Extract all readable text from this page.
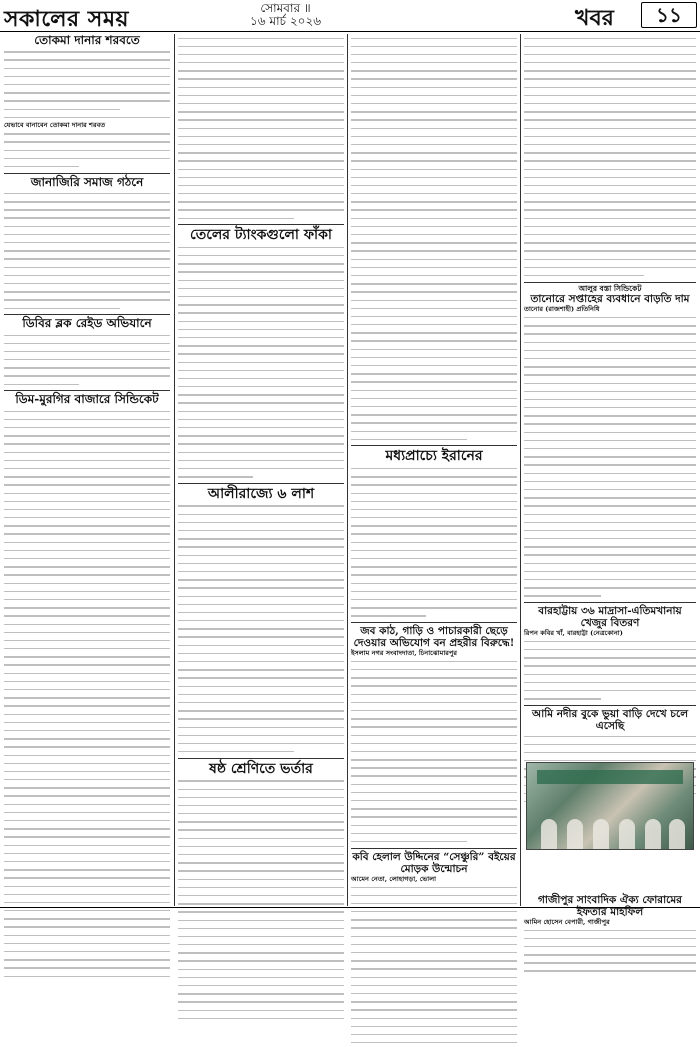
সকালের সময়	সোমবার ॥
১৬ মার্চ ২০২৬	খবর	১১
তোকমা দানার শরবতে
যেভাবে বানাবেন তোকমা দানার শরবত
জানাজিরি সমাজ গঠনে
ডিবির ব্লক রেইড অভিযানে
ডিম-মুরগির বাজারে সিন্ডিকেট
তেলের ট্যাংকগুলো ফাঁকা
আলীরাজ্যে ৬ লাশ
ষষ্ঠ শ্রেণিতে ভর্তার
মধ্যপ্রাচ্যে ইরানের
জব কাঠ, গাড়ি ও পাচারকারী ছেড়ে দেওয়ার অভিযোগ বন প্রহরীর বিরুদ্ধে!
ইসলাম নগর সংবাদদাতা, চিনাঝোমারপুর
কবি হেলাল উদ্দিনের “সেঞ্চুরি” বইয়ের মোড়ক উন্মোচন
আমেন নেতা, লোহাগড়া, ভোলা
আলুর বস্তা সিন্ডিকেট
তানোরে সপ্তাহের ব্যবধানে বাড়তি দাম
তানোর (রাজশাহী) প্রতিনিধি
বারহাট্টায় ৩৬ মাদ্রাসা-এতিমখানায় খেজুর বিতরণ
রিপন কবির খাঁ, বারহাট্টা (নেত্রকোনা)
আমি নদীর বুকে ভুয়া বাড়ি দেখে চলে এসেছি
গাজীপুর সাংবাদিক ঐক্য ফোরামের ইফতার মাহফিল
আমিন হোসেন বেপারী, গাজীপুর
